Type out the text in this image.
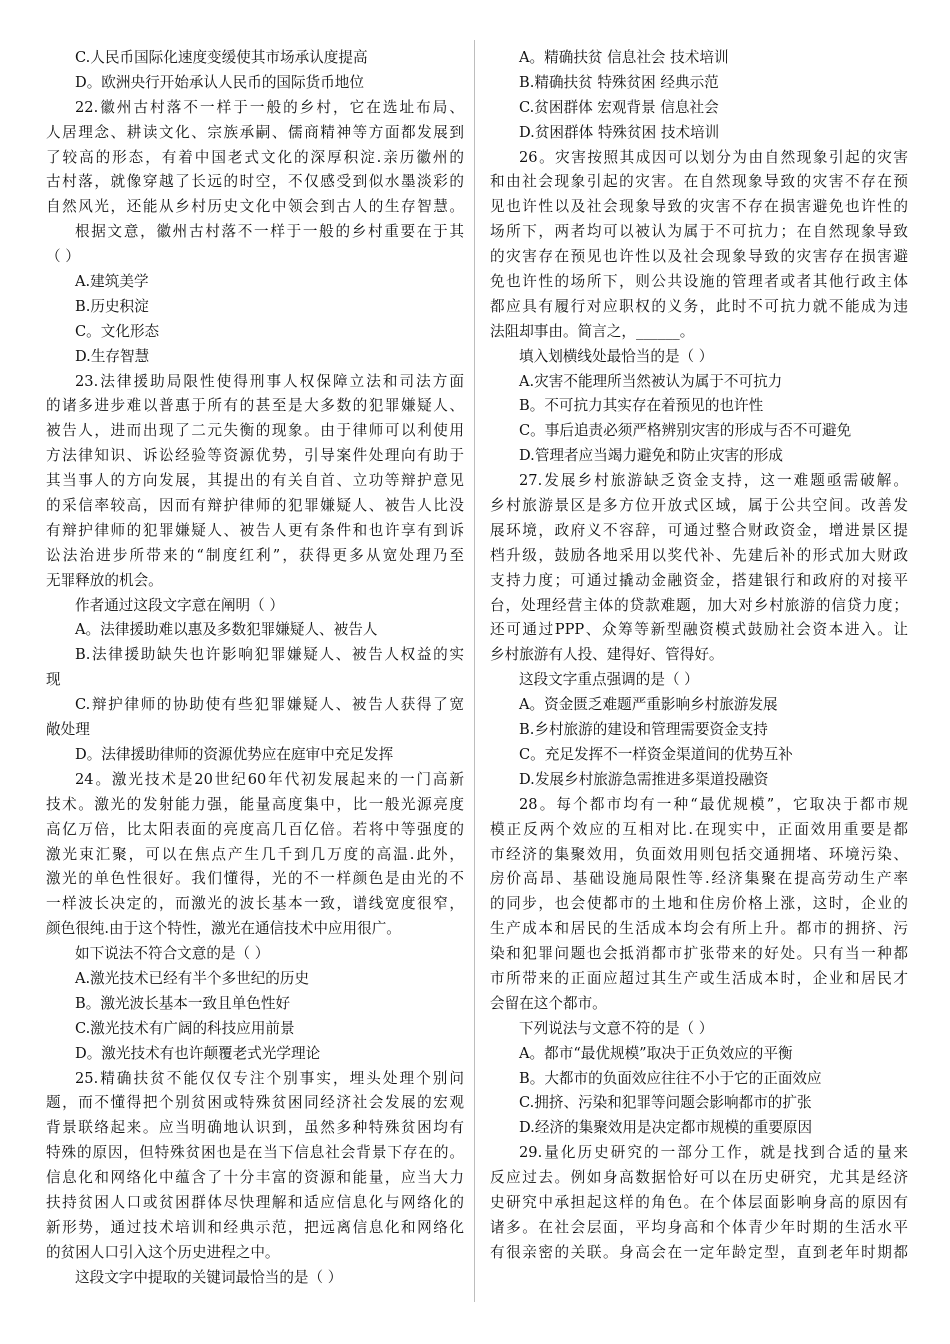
C.人民币国际化速度变缓使其市场承认度提高
D。欧洲央行开始承认人民币的国际货币地位
22.徽州古村落不一样于一般的乡村，它在选址布局、
人居理念、耕读文化、宗族承嗣、儒商精神等方面都发展到
了较高的形态，有着中国老式文化的深厚积淀.亲历徽州的
古村落，就像穿越了长远的时空，不仅感受到似水墨淡彩的
自然风光，还能从乡村历史文化中领会到古人的生存智慧。
根据文意，徽州古村落不一样于一般的乡村重要在于其
（ ）
A.建筑美学
B.历史积淀
C。文化形态
D.生存智慧
23.法律援助局限性使得刑事人权保障立法和司法方面
的诸多进步难以普惠于所有的甚至是大多数的犯罪嫌疑人、
被告人，进而出现了二元失衡的现象。由于律师可以利使用
方法律知识、诉讼经验等资源优势，引导案件处理向有助于
其当事人的方向发展，其提出的有关自首、立功等辩护意见
的采信率较高，因而有辩护律师的犯罪嫌疑人、被告人比没
有辩护律师的犯罪嫌疑人、被告人更有条件和也许享有到诉
讼法治进步所带来的“制度红利”，获得更多从宽处理乃至
无罪释放的机会。
作者通过这段文字意在阐明（ ）
A。法律援助难以惠及多数犯罪嫌疑人、被告人
B.法律援助缺失也许影响犯罪嫌疑人、被告人权益的实
现
C.辩护律师的协助使有些犯罪嫌疑人、被告人获得了宽
敞处理
D。法律援助律师的资源优势应在庭审中充足发挥
24。激光技术是20世纪60年代初发展起来的一门高新
技术。激光的发射能力强，能量高度集中，比一般光源亮度
高亿万倍，比太阳表面的亮度高几百亿倍。若将中等强度的
激光束汇聚，可以在焦点产生几千到几万度的高温.此外，
激光的单色性很好。我们懂得，光的不一样颜色是由光的不
一样波长决定的，而激光的波长基本一致，谱线宽度很窄，
颜色很纯.由于这个特性，激光在通信技术中应用很广。
如下说法不符合文意的是（ ）
A.激光技术已经有半个多世纪的历史
B。激光波长基本一致且单色性好
C.激光技术有广阔的科技应用前景
D。激光技术有也许颠覆老式光学理论
25.精确扶贫不能仅仅专注个别事实，埋头处理个别问
题，而不懂得把个别贫困或特殊贫困同经济社会发展的宏观
背景联络起来。应当明确地认识到，虽然多种特殊贫困均有
特殊的原因，但特殊贫困也是在当下信息社会背景下存在的。
信息化和网络化中蕴含了十分丰富的资源和能量，应当大力
扶持贫困人口或贫困群体尽快理解和适应信息化与网络化的
新形势，通过技术培训和经典示范，把远离信息化和网络化
的贫困人口引入这个历史进程之中。
这段文字中提取的关键词最恰当的是（ ）
A。精确扶贫 信息社会 技术培训
B.精确扶贫 特殊贫困 经典示范
C.贫困群体 宏观背景 信息社会
D.贫困群体 特殊贫困 技术培训
26。灾害按照其成因可以划分为由自然现象引起的灾害
和由社会现象引起的灾害。在自然现象导致的灾害不存在预
见也许性以及社会现象导致的灾害不存在损害避免也许性的
场所下，两者均可以被认为属于不可抗力；在自然现象导致
的灾害存在预见也许性以及社会现象导致的灾害存在损害避
免也许性的场所下，则公共设施的管理者或者其他行政主体
都应具有履行对应职权的义务，此时不可抗力就不能成为违
法阻却事由。简言之，______。
填入划横线处最恰当的是（ ）
A.灾害不能理所当然被认为属于不可抗力
B。不可抗力其实存在着预见的也许性
C。事后追责必须严格辨别灾害的形成与否不可避免
D.管理者应当竭力避免和防止灾害的形成
27.发展乡村旅游缺乏资金支持，这一难题亟需破解。
乡村旅游景区是多方位开放式区域，属于公共空间。改善发
展环境，政府义不容辞，可通过整合财政资金，增进景区提
档升级，鼓励各地采用以奖代补、先建后补的形式加大财政
支持力度；可通过撬动金融资金，搭建银行和政府的对接平
台，处理经营主体的贷款难题，加大对乡村旅游的信贷力度；
还可通过PPP、众筹等新型融资模式鼓励社会资本进入。让
乡村旅游有人投、建得好、管得好。
这段文字重点强调的是（ ）
A。资金匮乏难题严重影响乡村旅游发展
B.乡村旅游的建设和管理需要资金支持
C。充足发挥不一样资金渠道间的优势互补
D.发展乡村旅游急需推进多渠道投融资
28。每个都市均有一种“最优规模”，它取决于都市规
模正反两个效应的互相对比.在现实中，正面效用重要是都
市经济的集聚效用，负面效用则包括交通拥堵、环境污染、
房价高昂、基础设施局限性等.经济集聚在提高劳动生产率
的同步，也会使都市的土地和住房价格上涨，这时，企业的
生产成本和居民的生活成本均会有所上升。都市的拥挤、污
染和犯罪问题也会抵消都市扩张带来的好处。只有当一种都
市所带来的正面应超过其生产或生活成本时，企业和居民才
会留在这个都市。
下列说法与文意不符的是（ ）
A。都市“最优规模”取决于正负效应的平衡
B。大都市的负面效应往往不小于它的正面效应
C.拥挤、污染和犯罪等问题会影响都市的扩张
D.经济的集聚效用是决定都市规模的重要原因
29.量化历史研究的一部分工作，就是找到合适的量来
反应过去。例如身高数据恰好可以在历史研究，尤其是经济
史研究中承担起这样的角色。在个体层面影响身高的原因有
诸多。在社会层面，平均身高和个体青少年时期的生活水平
有很亲密的关联。身高会在一定年龄定型，直到老年时期都
